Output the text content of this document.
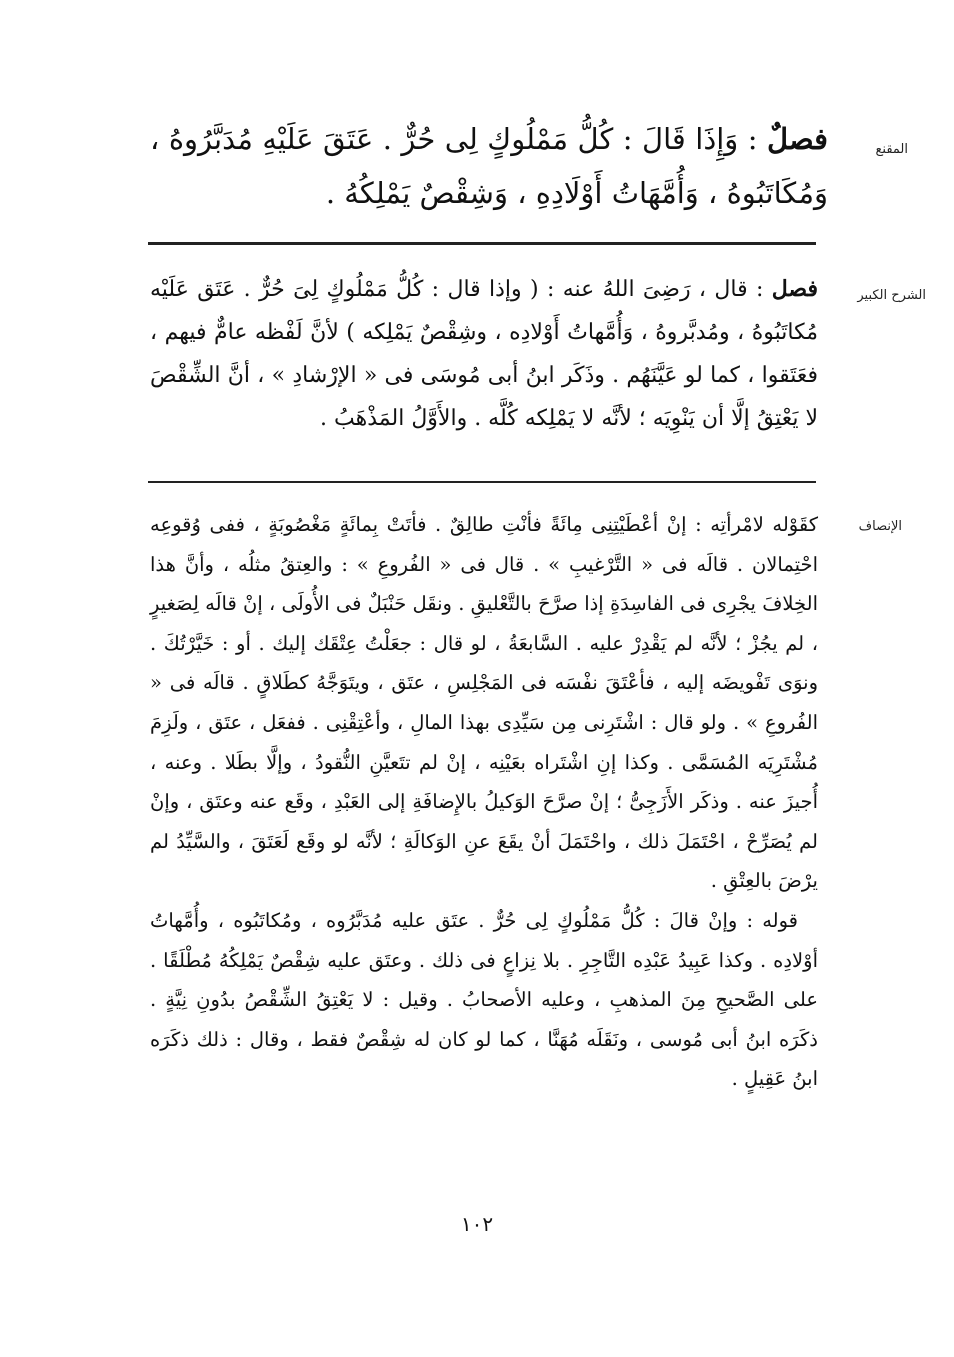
المقنع
فصلٌ : وَإِذَا قَالَ : كُلُّ مَمْلُوكٍ لِى حُرٌّ . عَتَقَ عَلَيْهِ مُدَبَّرُوهُ ، وَمُكَاتَبُوهُ ، وَأُمَّهَاتُ أَوْلَادِهِ ، وَشِقْصٌ يَمْلِكُهُ .
الشرح الكبير
فصل : قال ، رَضِىَ اللهُ عنه : ( وإذا قال : كُلُّ مَمْلُوكٍ لِىَ حُرٌّ . عَتَق عَلَيْه مُكاتَبُوهُ ، ومُدبَّروهُ ، وَأُمَّهاتُ أَوْلادِه ، وشِقْصٌ يَمْلِكه ) لأنَّ لَفْظه عامٌّ فيهم ، فعَتَقوا ، كما لو عَيَّنَهُم . وذَكَر ابنُ أبى مُوسَى فى « الإرْشادِ » ، أنَّ الشِّقْصَ لا يَعْتِقُ إلَّا أن يَنْوِيَه ؛ لأنَّه لا يَمْلِكه كُلَّه . والأَوَّلُ المَذْهَبُ .
الإنصاف

كقَوْله لامْرأتِه : إنْ أعْطَيْتِنِى مِائَةً فأنْتِ طالِقٌ . فأتَتْ بِمائَةٍ مَغْصُوبَةٍ ، ففى وُقوعِه احْتِمالان . قالَه فى « التَّرْغيبِ » . قال فى « الفُروعِ » : والعِتقُ مثلُه ، وأنَّ هذا الخِلافَ يجْرِى فى الفاسِدَةِ إذا صرَّحَ بالتَّعْليقِ . ونقَل حَنْبَلٌ فى الأُولَى ، إنْ قالَه لِصَغيرٍ ، لم يجُزْ ؛ لأنَّه لم يَقْدِرْ عليه . السَّابعَةُ ، لو قال : جعَلْتُ عِتْقَك إليك . أو : خَيَّرْتُكَ . ونوَى تَفْويضَه إليه ، فأعْتَقَ نفْسَه فى المَجْلِسِ ، عتَق ، ويتَوَجَّهُ كطَلاقٍ . قالَه فى « الفُروعِ » . ولو قال : اشْتَرِنى مِن سَيِّدِى بهذا المالِ ، وأعْتِقْنِى . ففعَل ، عتَق ، ولَزِمَ مُشْتَرِيَه المُسَمَّى . وكذا إنِ اشْتَراه بعَيْنِه ، إنْ لم تتَعيَّنِ النُّقودُ ، وإلَّا بطَلا . وعنه ، أُجيزَ عنه . وذكَر الأَزَجِىُّ ؛ إنْ صرَّحَ الوَكيلُ بالإِضافَةِ إلى العَبْدِ ، وقَع عنه وعتَق ، وإنْ لم يُصَرِّحْ ، احْتَمَلَ ذلك ، واحْتَمَلَ أنْ يقَعَ عنِ الوَكالَةِ ؛ لأنَّه لو وقَع لَعَتَقَ ، والسَّيِّدُ لم يرْضَ بالعِتْقِ .

قوله : وإنْ قالَ : كُلُّ مَمْلُوكٍ لِى حُرٌّ . عتَق عليه مُدَبَّرُوه ، ومُكاتَبُوه ، وأُمَّهاتُ أوْلادِه . وكذا عَبِيدُ عَبْدِه التَّاجِرِ . بلا نِزاعٍ فى ذلك . وعتَق عليه شِقْصٌ يَمْلِكُهُ مُطْلَقًا . على الصَّحيحِ مِنَ المذهبِ ، وعليه الأصحابُ . وقيل : لا يَعْتِقُ الشِّقْصُ بدُونِ نِيَّةٍ . ذكَرَه ابنُ أبى مُوسى ، ونَقَلَه مُهَنَّا ، كما لو كان له شِقْصٌ فقط ، وقال : ذلك ذكَرَه ابنُ عَقِيلٍ .

١٠٢
